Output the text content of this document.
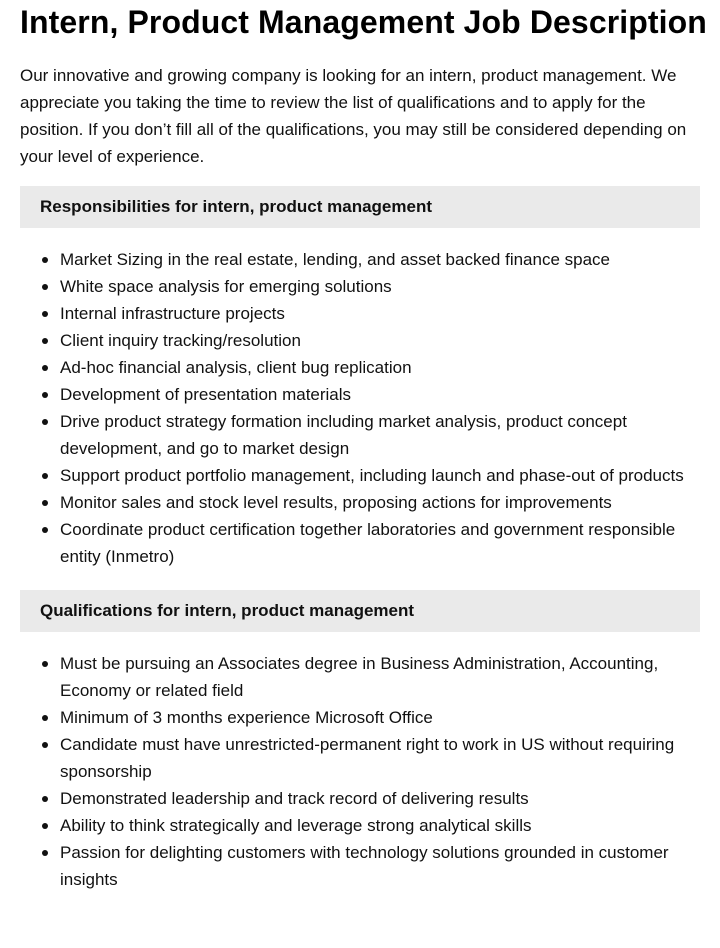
Intern, Product Management Job Description

Our innovative and growing company is looking for an intern, product management. We appreciate you taking the time to review the list of qualifications and to apply for the position. If you don’t fill all of the qualifications, you may still be considered depending on your level of experience.

Responsibilities for intern, product management
Market Sizing in the real estate, lending, and asset backed finance space
White space analysis for emerging solutions
Internal infrastructure projects
Client inquiry tracking/resolution
Ad-hoc financial analysis, client bug replication
Development of presentation materials
Drive product strategy formation including market analysis, product concept development, and go to market design
Support product portfolio management, including launch and phase-out of products
Monitor sales and stock level results, proposing actions for improvements
Coordinate product certification together laboratories and government responsible entity (Inmetro)
Qualifications for intern, product management
Must be pursuing an Associates degree in Business Administration, Accounting, Economy or related field
Minimum of 3 months experience Microsoft Office
Candidate must have unrestricted-permanent right to work in US without requiring sponsorship
Demonstrated leadership and track record of delivering results
Ability to think strategically and leverage strong analytical skills
Passion for delighting customers with technology solutions grounded in customer insights
